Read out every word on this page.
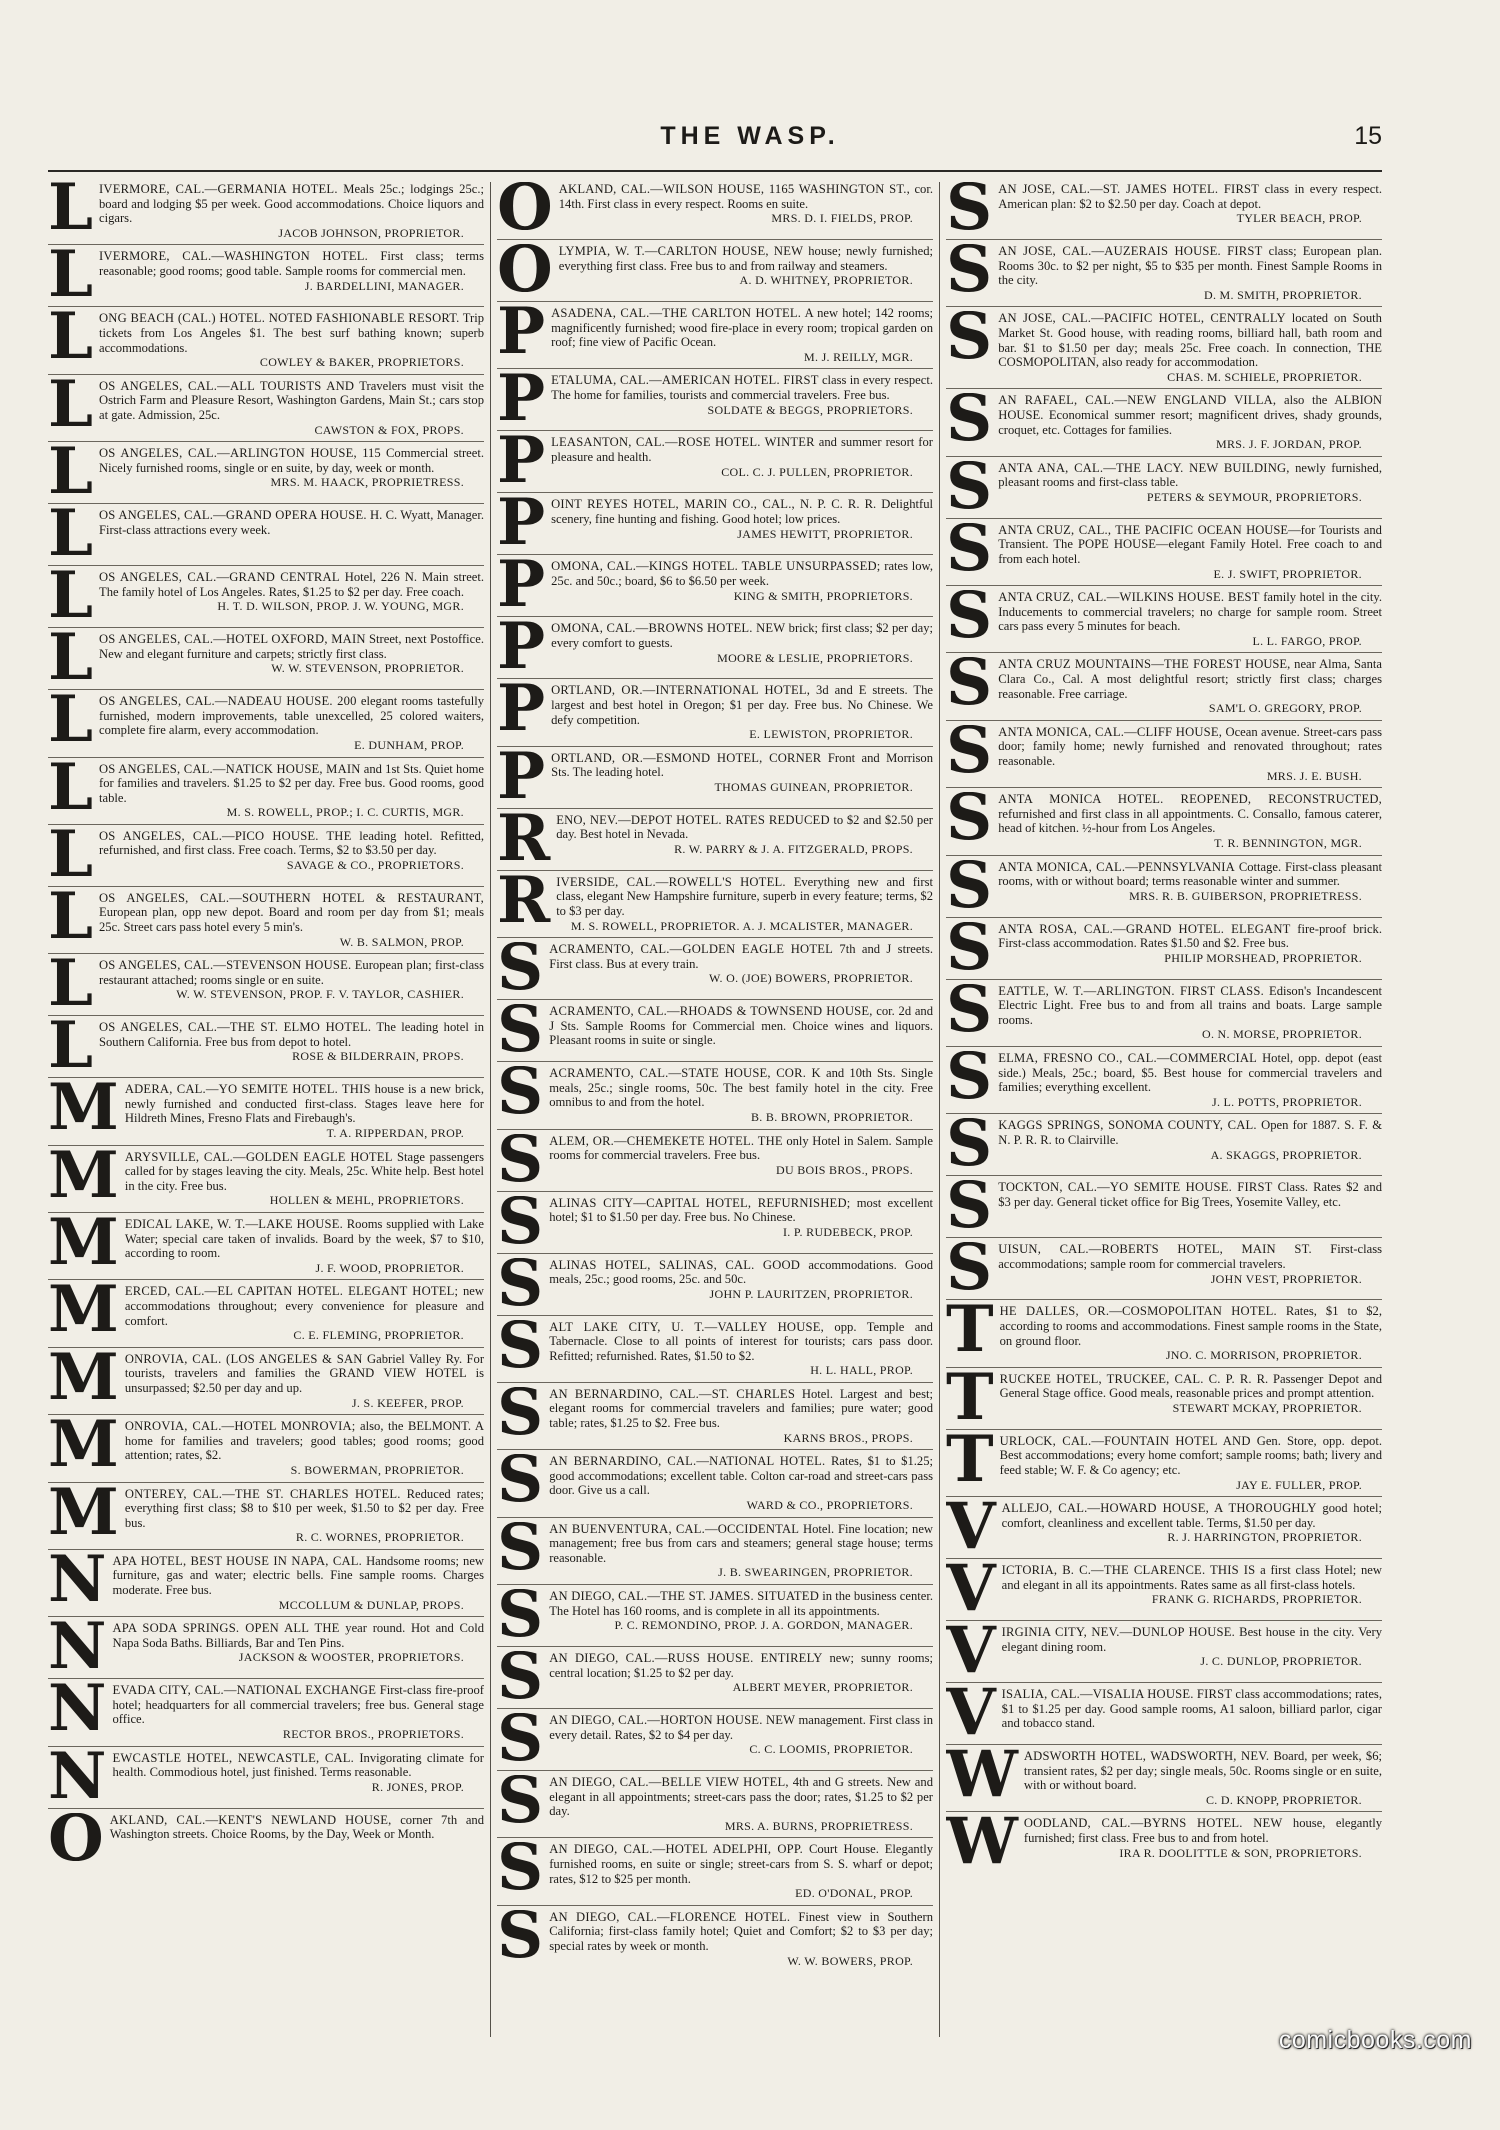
THE WASP.	15
LIVERMORE, CAL.—GERMANIA HOTEL. Meals 25c.; lodgings 25c.; board and lodging $5 per week. Good accommodations. Choice liquors and cigars.
JACOB JOHNSON, PROPRIETOR.
LIVERMORE, CAL.—WASHINGTON HOTEL. First class; terms reasonable; good rooms; good table. Sample rooms for commercial men.
J. BARDELLINI, MANAGER.
LONG BEACH (CAL.) HOTEL. NOTED FASHIONABLE RESORT. Trip tickets from Los Angeles $1. The best surf bathing known; superb accommodations.
COWLEY & BAKER, PROPRIETORS.
LOS ANGELES, CAL.—ALL TOURISTS AND Travelers must visit the Ostrich Farm and Pleasure Resort, Washington Gardens, Main St.; cars stop at gate. Admission, 25c.
CAWSTON & FOX, PROPS.
LOS ANGELES, CAL.—ARLINGTON HOUSE, 115 Commercial street. Nicely furnished rooms, single or en suite, by day, week or month.
MRS. M. HAACK, PROPRIETRESS.
LOS ANGELES, CAL.—GRAND OPERA HOUSE. H. C. Wyatt, Manager. First-class attractions every week.
LOS ANGELES, CAL.—GRAND CENTRAL Hotel, 226 N. Main street. The family hotel of Los Angeles. Rates, $1.25 to $2 per day. Free coach.
H. T. D. WILSON, PROP. J. W. YOUNG, MGR.
LOS ANGELES, CAL.—HOTEL OXFORD, MAIN Street, next Postoffice. New and elegant furniture and carpets; strictly first class.
W. W. STEVENSON, PROPRIETOR.
LOS ANGELES, CAL.—NADEAU HOUSE. 200 elegant rooms tastefully furnished, modern improvements, table unexcelled, 25 colored waiters, complete fire alarm, every accommodation.
E. DUNHAM, PROP.
LOS ANGELES, CAL.—NATICK HOUSE, MAIN and 1st Sts. Quiet home for families and travelers. $1.25 to $2 per day. Free bus. Good rooms, good table.
M. S. ROWELL, PROP.; I. C. CURTIS, MGR.
LOS ANGELES, CAL.—PICO HOUSE. THE leading hotel. Refitted, refurnished, and first class. Free coach. Terms, $2 to $3.50 per day.
SAVAGE & CO., PROPRIETORS.
LOS ANGELES, CAL.—SOUTHERN HOTEL & RESTAURANT, European plan, opp new depot. Board and room per day from $1; meals 25c. Street cars pass hotel every 5 min's.
W. B. SALMON, PROP.
LOS ANGELES, CAL.—STEVENSON HOUSE. European plan; first-class restaurant attached; rooms single or en suite.
W. W. STEVENSON, PROP. F. V. TAYLOR, CASHIER.
LOS ANGELES, CAL.—THE ST. ELMO HOTEL. The leading hotel in Southern California. Free bus from depot to hotel.
ROSE & BILDERRAIN, PROPS.
MADERA, CAL.—YO SEMITE HOTEL. THIS house is a new brick, newly furnished and conducted first-class. Stages leave here for Hildreth Mines, Fresno Flats and Firebaugh's.
T. A. RIPPERDAN, PROP.
MARYSVILLE, CAL.—GOLDEN EAGLE HOTEL Stage passengers called for by stages leaving the city. Meals, 25c. White help. Best hotel in the city. Free bus.
HOLLEN & MEHL, PROPRIETORS.
MEDICAL LAKE, W. T.—LAKE HOUSE. Rooms supplied with Lake Water; special care taken of invalids. Board by the week, $7 to $10, according to room.
J. F. WOOD, PROPRIETOR.
MERCED, CAL.—EL CAPITAN HOTEL. ELEGANT HOTEL; new accommodations throughout; every convenience for pleasure and comfort.
C. E. FLEMING, PROPRIETOR.
MONROVIA, CAL. (LOS ANGELES & SAN Gabriel Valley Ry. For tourists, travelers and families the GRAND VIEW HOTEL is unsurpassed; $2.50 per day and up.
J. S. KEEFER, PROP.
MONROVIA, CAL.—HOTEL MONROVIA; also, the BELMONT. A home for families and travelers; good tables; good rooms; good attention; rates, $2.
S. BOWERMAN, PROPRIETOR.
MONTEREY, CAL.—THE ST. CHARLES HOTEL. Reduced rates; everything first class; $8 to $10 per week, $1.50 to $2 per day. Free bus.
R. C. WORNES, PROPRIETOR.
NAPA HOTEL, BEST HOUSE IN NAPA, CAL. Handsome rooms; new furniture, gas and water; electric bells. Fine sample rooms. Charges moderate. Free bus.
MCCOLLUM & DUNLAP, PROPS.
NAPA SODA SPRINGS. OPEN ALL THE year round. Hot and Cold Napa Soda Baths. Billiards, Bar and Ten Pins.
JACKSON & WOOSTER, PROPRIETORS.
NEVADA CITY, CAL.—NATIONAL EXCHANGE First-class fire-proof hotel; headquarters for all commercial travelers; free bus. General stage office.
RECTOR BROS., PROPRIETORS.
NEWCASTLE HOTEL, NEWCASTLE, CAL. Invigorating climate for health. Commodious hotel, just finished. Terms reasonable.
R. JONES, PROP.
OAKLAND, CAL.—KENT'S NEWLAND HOUSE, corner 7th and Washington streets. Choice Rooms, by the Day, Week or Month.
OAKLAND, CAL.—WILSON HOUSE, 1165 WASHINGTON ST., cor. 14th. First class in every respect. Rooms en suite.
MRS. D. I. FIELDS, PROP.
OLYMPIA, W. T.—CARLTON HOUSE, NEW house; newly furnished; everything first class. Free bus to and from railway and steamers.
A. D. WHITNEY, PROPRIETOR.
PASADENA, CAL.—THE CARLTON HOTEL. A new hotel; 142 rooms; magnificently furnished; wood fire-place in every room; tropical garden on roof; fine view of Pacific Ocean.
M. J. REILLY, MGR.
PETALUMA, CAL.—AMERICAN HOTEL. FIRST class in every respect. The home for families, tourists and commercial travelers. Free bus.
SOLDATE & BEGGS, PROPRIETORS.
PLEASANTON, CAL.—ROSE HOTEL. WINTER and summer resort for pleasure and health.
COL. C. J. PULLEN, PROPRIETOR.
POINT REYES HOTEL, MARIN CO., CAL., N. P. C. R. R. Delightful scenery, fine hunting and fishing. Good hotel; low prices.
JAMES HEWITT, PROPRIETOR.
POMONA, CAL.—KINGS HOTEL. TABLE UNSURPASSED; rates low, 25c. and 50c.; board, $6 to $6.50 per week.
KING & SMITH, PROPRIETORS.
POMONA, CAL.—BROWNS HOTEL. NEW brick; first class; $2 per day; every comfort to guests.
MOORE & LESLIE, PROPRIETORS.
PORTLAND, OR.—INTERNATIONAL HOTEL, 3d and E streets. The largest and best hotel in Oregon; $1 per day. Free bus. No Chinese. We defy competition.
E. LEWISTON, PROPRIETOR.
PORTLAND, OR.—ESMOND HOTEL, CORNER Front and Morrison Sts. The leading hotel.
THOMAS GUINEAN, PROPRIETOR.
RENO, NEV.—DEPOT HOTEL. RATES REDUCED to $2 and $2.50 per day. Best hotel in Nevada.
R. W. PARRY & J. A. FITZGERALD, PROPS.
RIVERSIDE, CAL.—ROWELL'S HOTEL. Everything new and first class, elegant New Hampshire furniture, superb in every feature; terms, $2 to $3 per day.
M. S. ROWELL, PROPRIETOR. A. J. MCALISTER, MANAGER.
SACRAMENTO, CAL.—GOLDEN EAGLE HOTEL 7th and J streets. First class. Bus at every train.
W. O. (JOE) BOWERS, PROPRIETOR.
SACRAMENTO, CAL.—RHOADS & TOWNSEND HOUSE, cor. 2d and J Sts. Sample Rooms for Commercial men. Choice wines and liquors. Pleasant rooms in suite or single.
SACRAMENTO, CAL.—STATE HOUSE, COR. K and 10th Sts. Single meals, 25c.; single rooms, 50c. The best family hotel in the city. Free omnibus to and from the hotel.
B. B. BROWN, PROPRIETOR.
SALEM, OR.—CHEMEKETE HOTEL. THE only Hotel in Salem. Sample rooms for commercial travelers. Free bus.
DU BOIS BROS., PROPS.
SALINAS CITY—CAPITAL HOTEL, REFURNISHED; most excellent hotel; $1 to $1.50 per day. Free bus. No Chinese.
I. P. RUDEBECK, PROP.
SALINAS HOTEL, SALINAS, CAL. GOOD accommodations. Good meals, 25c.; good rooms, 25c. and 50c.
JOHN P. LAURITZEN, PROPRIETOR.
SALT LAKE CITY, U. T.—VALLEY HOUSE, opp. Temple and Tabernacle. Close to all points of interest for tourists; cars pass door. Refitted; refurnished. Rates, $1.50 to $2.
H. L. HALL, PROP.
SAN BERNARDINO, CAL.—ST. CHARLES Hotel. Largest and best; elegant rooms for commercial travelers and families; pure water; good table; rates, $1.25 to $2. Free bus.
KARNS BROS., PROPS.
SAN BERNARDINO, CAL.—NATIONAL HOTEL. Rates, $1 to $1.25; good accommodations; excellent table. Colton car-road and street-cars pass door. Give us a call.
WARD & CO., PROPRIETORS.
SAN BUENVENTURA, CAL.—OCCIDENTAL Hotel. Fine location; new management; free bus from cars and steamers; general stage house; terms reasonable.
J. B. SWEARINGEN, PROPRIETOR.
SAN DIEGO, CAL.—THE ST. JAMES. SITUATED in the business center. The Hotel has 160 rooms, and is complete in all its appointments.
P. C. REMONDINO, PROP. J. A. GORDON, MANAGER.
SAN DIEGO, CAL.—RUSS HOUSE. ENTIRELY new; sunny rooms; central location; $1.25 to $2 per day.
ALBERT MEYER, PROPRIETOR.
SAN DIEGO, CAL.—HORTON HOUSE. NEW management. First class in every detail. Rates, $2 to $4 per day.
C. C. LOOMIS, PROPRIETOR.
SAN DIEGO, CAL.—BELLE VIEW HOTEL, 4th and G streets. New and elegant in all appointments; street-cars pass the door; rates, $1.25 to $2 per day.
MRS. A. BURNS, PROPRIETRESS.
SAN DIEGO, CAL.—HOTEL ADELPHI, OPP. Court House. Elegantly furnished rooms, en suite or single; street-cars from S. S. wharf or depot; rates, $12 to $25 per month.
ED. O'DONAL, PROP.
SAN DIEGO, CAL.—FLORENCE HOTEL. Finest view in Southern California; first-class family hotel; Quiet and Comfort; $2 to $3 per day; special rates by week or month.
W. W. BOWERS, PROP.
SAN JOSE, CAL.—ST. JAMES HOTEL. FIRST class in every respect. American plan: $2 to $2.50 per day. Coach at depot.
TYLER BEACH, PROP.
SAN JOSE, CAL.—AUZERAIS HOUSE. FIRST class; European plan. Rooms 30c. to $2 per night, $5 to $35 per month. Finest Sample Rooms in the city.
D. M. SMITH, PROPRIETOR.
SAN JOSE, CAL.—PACIFIC HOTEL, CENTRALLY located on South Market St. Good house, with reading rooms, billiard hall, bath room and bar. $1 to $1.50 per day; meals 25c. Free coach. In connection, THE COSMOPOLITAN, also ready for accommodation.
CHAS. M. SCHIELE, PROPRIETOR.
SAN RAFAEL, CAL.—NEW ENGLAND VILLA, also the ALBION HOUSE. Economical summer resort; magnificent drives, shady grounds, croquet, etc. Cottages for families.
MRS. J. F. JORDAN, PROP.
SANTA ANA, CAL.—THE LACY. NEW BUILDING, newly furnished, pleasant rooms and first-class table.
PETERS & SEYMOUR, PROPRIETORS.
SANTA CRUZ, CAL., THE PACIFIC OCEAN HOUSE—for Tourists and Transient. The POPE HOUSE—elegant Family Hotel. Free coach to and from each hotel.
E. J. SWIFT, PROPRIETOR.
SANTA CRUZ, CAL.—WILKINS HOUSE. BEST family hotel in the city. Inducements to commercial travelers; no charge for sample room. Street cars pass every 5 minutes for beach.
L. L. FARGO, PROP.
SANTA CRUZ MOUNTAINS—THE FOREST HOUSE, near Alma, Santa Clara Co., Cal. A most delightful resort; strictly first class; charges reasonable. Free carriage.
SAM'L O. GREGORY, PROP.
SANTA MONICA, CAL.—CLIFF HOUSE, Ocean avenue. Street-cars pass door; family home; newly furnished and renovated throughout; rates reasonable.
MRS. J. E. BUSH.
SANTA MONICA HOTEL. REOPENED, RECONSTRUCTED, refurnished and first class in all appointments. C. Consallo, famous caterer, head of kitchen. ½-hour from Los Angeles.
T. R. BENNINGTON, MGR.
SANTA MONICA, CAL.—PENNSYLVANIA Cottage. First-class pleasant rooms, with or without board; terms reasonable winter and summer.
MRS. R. B. GUIBERSON, PROPRIETRESS.
SANTA ROSA, CAL.—GRAND HOTEL. ELEGANT fire-proof brick. First-class accommodation. Rates $1.50 and $2. Free bus.
PHILIP MORSHEAD, PROPRIETOR.
SEATTLE, W. T.—ARLINGTON. FIRST CLASS. Edison's Incandescent Electric Light. Free bus to and from all trains and boats. Large sample rooms.
O. N. MORSE, PROPRIETOR.
SELMA, FRESNO CO., CAL.—COMMERCIAL Hotel, opp. depot (east side.) Meals, 25c.; board, $5. Best house for commercial travelers and families; everything excellent.
J. L. POTTS, PROPRIETOR.
SKAGGS SPRINGS, SONOMA COUNTY, CAL. Open for 1887. S. F. & N. P. R. R. to Clairville.
A. SKAGGS, PROPRIETOR.
STOCKTON, CAL.—YO SEMITE HOUSE. FIRST Class. Rates $2 and $3 per day. General ticket office for Big Trees, Yosemite Valley, etc.
SUISUN, CAL.—ROBERTS HOTEL, MAIN ST. First-class accommodations; sample room for commercial travelers.
JOHN VEST, PROPRIETOR.
THE DALLES, OR.—COSMOPOLITAN HOTEL. Rates, $1 to $2, according to rooms and accommodations. Finest sample rooms in the State, on ground floor.
JNO. C. MORRISON, PROPRIETOR.
TRUCKEE HOTEL, TRUCKEE, CAL. C. P. R. R. Passenger Depot and General Stage office. Good meals, reasonable prices and prompt attention.
STEWART MCKAY, PROPRIETOR.
TURLOCK, CAL.—FOUNTAIN HOTEL AND Gen. Store, opp. depot. Best accommodations; every home comfort; sample rooms; bath; livery and feed stable; W. F. & Co agency; etc.
JAY E. FULLER, PROP.
VALLEJO, CAL.—HOWARD HOUSE, A THOROUGHLY good hotel; comfort, cleanliness and excellent table. Terms, $1.50 per day.
R. J. HARRINGTON, PROPRIETOR.
VICTORIA, B. C.—THE CLARENCE. THIS IS a first class Hotel; new and elegant in all its appointments. Rates same as all first-class hotels.
FRANK G. RICHARDS, PROPRIETOR.
VIRGINIA CITY, NEV.—DUNLOP HOUSE. Best house in the city. Very elegant dining room.
J. C. DUNLOP, PROPRIETOR.
VISALIA, CAL.—VISALIA HOUSE. FIRST class accommodations; rates, $1 to $1.25 per day. Good sample rooms, A1 saloon, billiard parlor, cigar and tobacco stand.
WADSWORTH HOTEL, WADSWORTH, NEV. Board, per week, $6; transient rates, $2 per day; single meals, 50c. Rooms single or en suite, with or without board.
C. D. KNOPP, PROPRIETOR.
WOODLAND, CAL.—BYRNS HOTEL. NEW house, elegantly furnished; first class. Free bus to and from hotel.
IRA R. DOOLITTLE & SON, PROPRIETORS.
comicbooks.com
